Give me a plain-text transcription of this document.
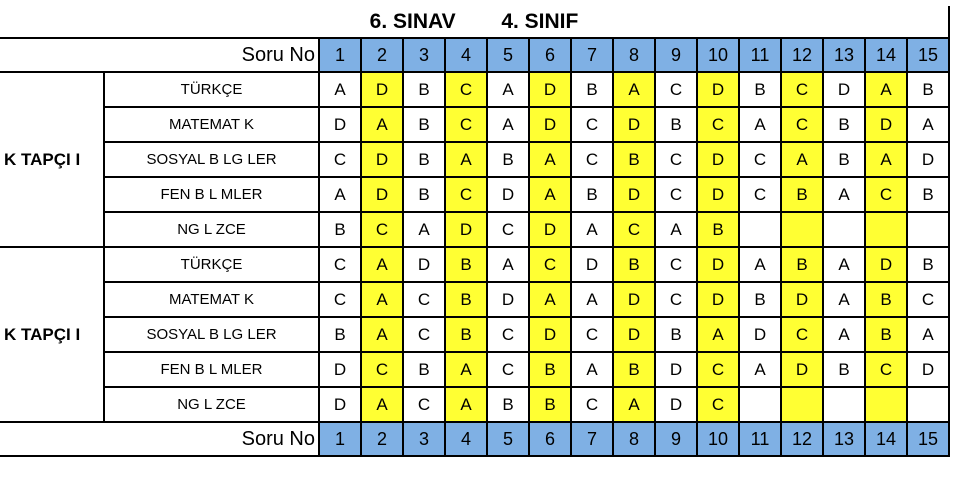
6. SINAV 4. SINIF																
Soru No		1	2	3	4	5	6	7	8	9	10	11	12	13	14	15
K TAPÇI I	TÜRKÇE	A	D	B	C	A	D	B	A	C	D	B	C	D	A	B
	MATEMAT K	D	A	B	C	A	D	C	D	B	C	A	C	B	D	A
	SOSYAL B LG LER	C	D	B	A	B	A	C	B	C	D	C	A	B	A	D
	FEN B L MLER	A	D	B	C	D	A	B	D	C	D	C	B	A	C	B
	NG L ZCE	B	C	A	D	C	D	A	C	A	B					
K TAPÇI I	TÜRKÇE	C	A	D	B	A	C	D	B	C	D	A	B	A	D	B
	MATEMAT K	C	A	C	B	D	A	A	D	C	D	B	D	A	B	C
	SOSYAL B LG LER	B	A	C	B	C	D	C	D	B	A	D	C	A	B	A
	FEN B L MLER	D	C	B	A	C	B	A	B	D	C	A	D	B	C	D
	NG L ZCE	D	A	C	A	B	B	C	A	D	C					
Soru No		1	2	3	4	5	6	7	8	9	10	11	12	13	14	15
